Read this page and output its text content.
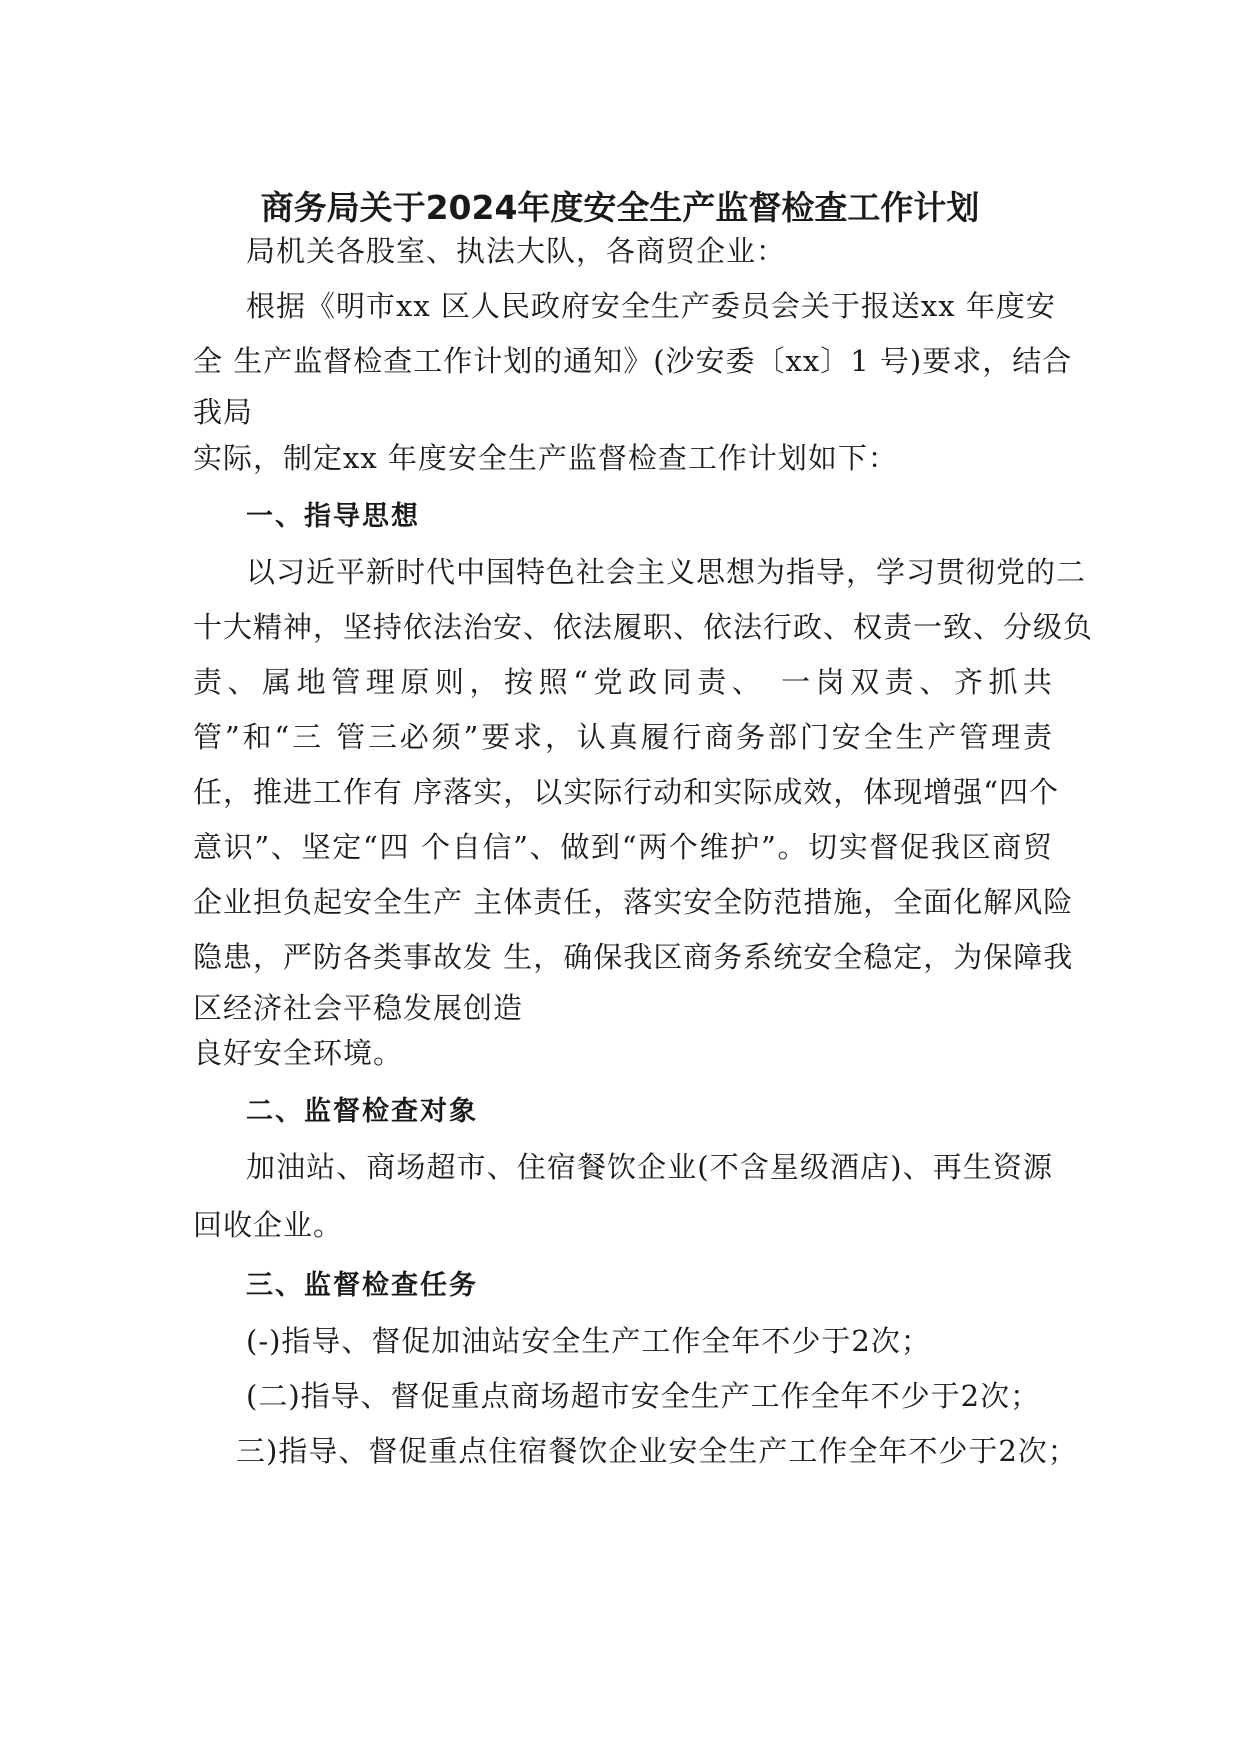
商务局关于2024年度安全生产监督检查工作计划
局机关各股室、执法大队，各商贸企业：
根据《明市xx 区人民政府安全生产委员会关于报送xx 年度安
全 生产监督检查工作计划的通知》(沙安委〔xx〕1 号)要求，结合
我局
实际，制定xx 年度安全生产监督检查工作计划如下：
一、指导思想
以习近平新时代中国特色社会主义思想为指导，学习贯彻党的二
十大精神，坚持依法治安、依法履职、依法行政、权责一致、分级负
责、属地管理原则，按照“党政同责、 一岗双责、齐抓共
管”和“三 管三必须”要求，认真履行商务部门安全生产管理责
任，推进工作有 序落实，以实际行动和实际成效，体现增强“四个
意识”、坚定“四 个自信”、做到“两个维护”。切实督促我区商贸
企业担负起安全生产 主体责任，落实安全防范措施，全面化解风险
隐患，严防各类事故发 生，确保我区商务系统安全稳定，为保障我
区经济社会平稳发展创造
良好安全环境。
二、监督检查对象
加油站、商场超市、住宿餐饮企业(不含星级酒店)、再生资源
回收企业。
三、监督检查任务
(-)指导、督促加油站安全生产工作全年不少于2次；
(二)指导、督促重点商场超市安全生产工作全年不少于2次；
三)指导、督促重点住宿餐饮企业安全生产工作全年不少于2次；
